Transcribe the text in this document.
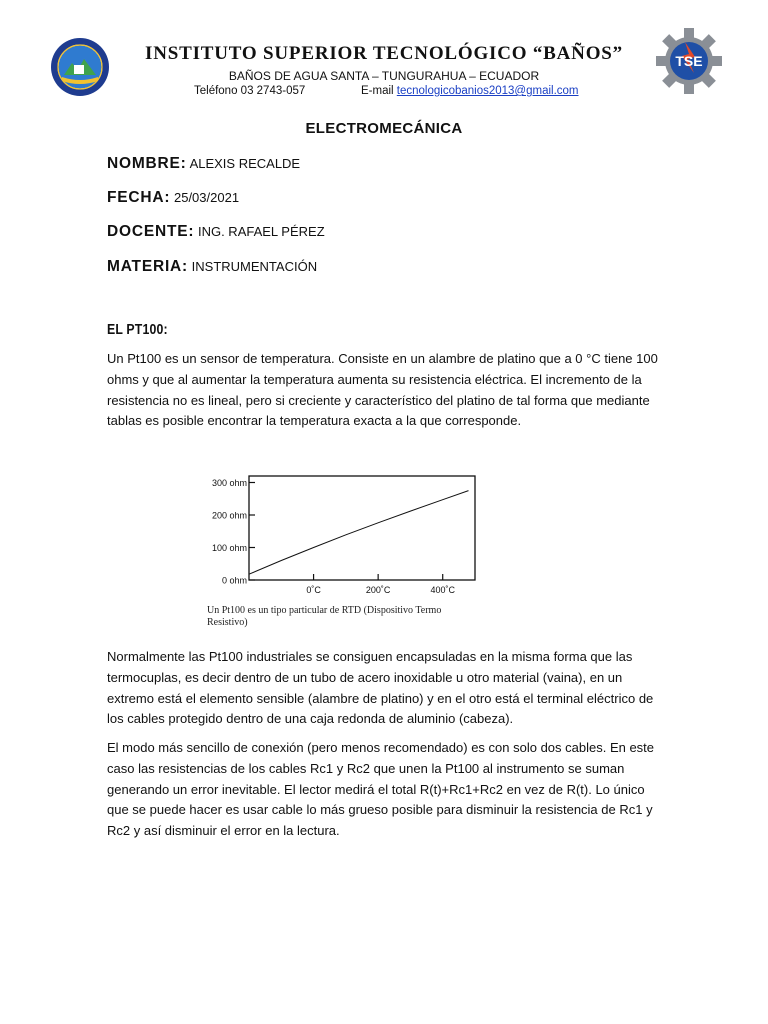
INSTITUTO SUPERIOR TECNOLÓGICO “BAÑOS”
BAÑOS DE AGUA SANTA – TUNGURAHUA – ECUADOR
Teléfono 03 2743-057	E-mail tecnologicobanios2013@gmail.com
TSE
ELECTROMECÁNICA
NOMBRE: ALEXIS RECALDE
FECHA: 25/03/2021
DOCENTE: ING. RAFAEL PÉREZ
MATERIA: INSTRUMENTACIÓN
EL PT100:
Un Pt100 es un sensor de temperatura. Consiste en un alambre de platino que a 0 °C tiene 100 ohms y que al aumentar la temperatura aumenta su resistencia eléctrica. El incremento de la resistencia no es lineal, pero si creciente y característico del platino de tal forma que mediante tablas es posible encontrar la temperatura exacta a la que corresponde.
300 ohm
200 ohm
100 ohm
0 ohm
0˚C	200˚C	400˚C
Un Pt100 es un tipo particular de RTD (Dispositivo Termo Resistivo)
Normalmente las Pt100 industriales se consiguen encapsuladas en la misma forma que las termocuplas, es decir dentro de un tubo de acero inoxidable u otro material (vaina), en un extremo está el elemento sensible (alambre de platino) y en el otro está el terminal eléctrico de los cables protegido dentro de una caja redonda de aluminio (cabeza).
El modo más sencillo de conexión (pero menos recomendado) es con solo dos cables. En este caso las resistencias de los cables Rc1 y Rc2 que unen la Pt100 al instrumento se suman generando un error inevitable. El lector medirá el total R(t)+Rc1+Rc2 en vez de R(t). Lo único que se puede hacer es usar cable lo más grueso posible para disminuir la resistencia de Rc1 y Rc2 y así disminuir el error en la lectura.
